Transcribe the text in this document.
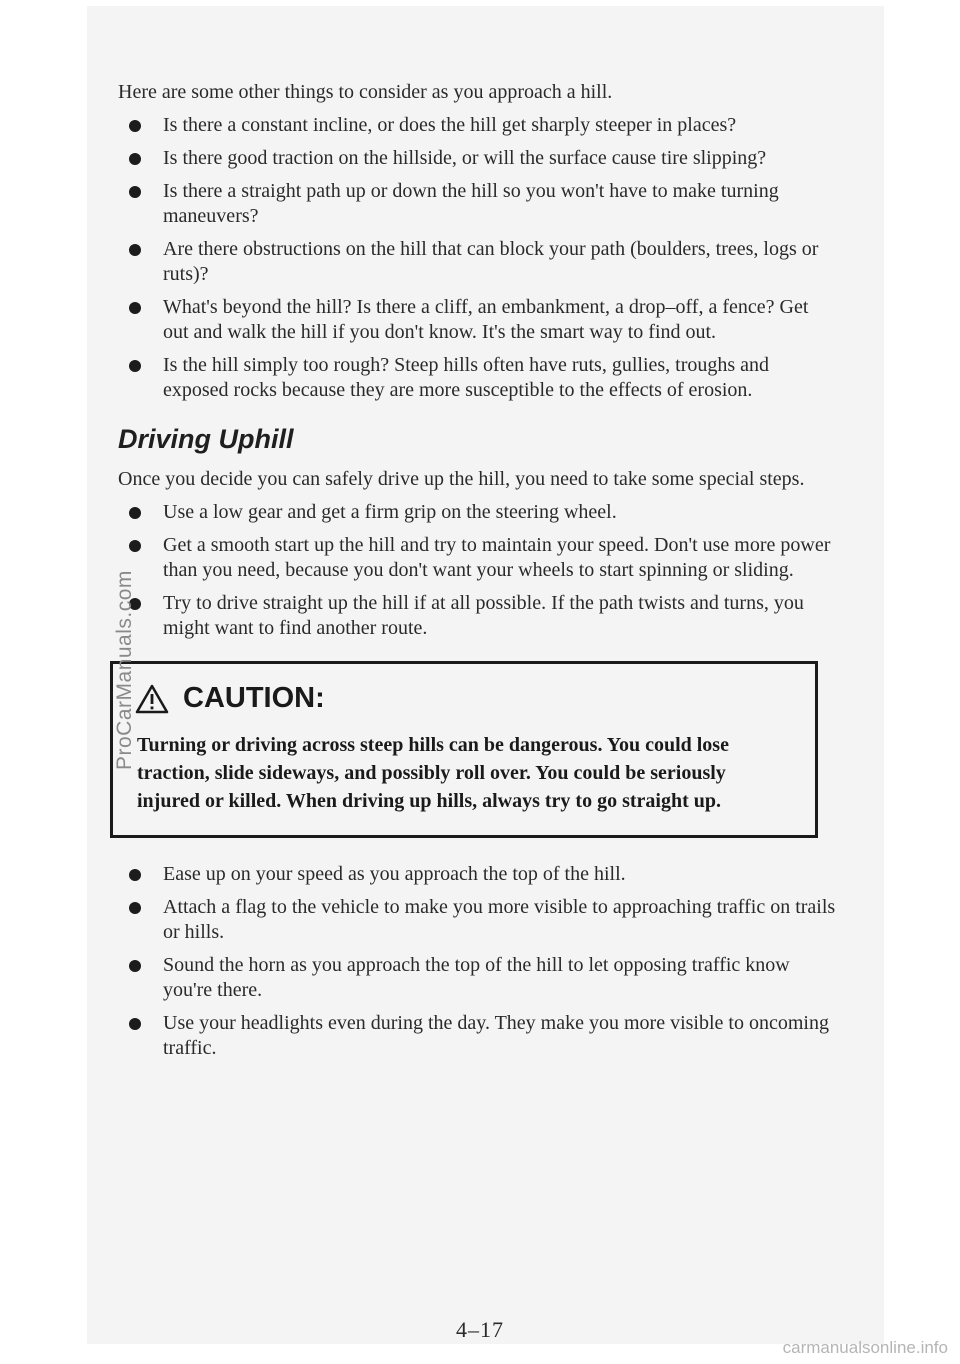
Here are some other things to consider as you approach a hill.

Is there a constant incline, or does the hill get sharply steeper in places?
Is there good traction on the hillside, or will the surface cause tire slipping?
Is there a straight path up or down the hill so you won't have to make turning maneuvers?
Are there obstructions on the hill that can block your path (boulders, trees, logs or ruts)?
What's beyond the hill? Is there a cliff, an embankment, a drop–off, a fence? Get out and walk the hill if you don't know. It's the smart way to find out.
Is the hill simply too rough? Steep hills often have ruts, gullies, troughs and exposed rocks because they are more susceptible to the effects of erosion.
Driving Uphill

Once you decide you can safely drive up the hill, you need to take some special steps.

Use a low gear and get a firm grip on the steering wheel.
Get a smooth start up the hill and try to maintain your speed. Don't use more power than you need, because you don't want your wheels to start spinning or sliding.
Try to drive straight up the hill if at all possible. If the path twists and turns, you might want to find another route.
CAUTION:

Turning or driving across steep hills can be dangerous. You could lose traction, slide sideways, and possibly roll over. You could be seriously injured or killed. When driving up hills, always try to go straight up.

Ease up on your speed as you approach the top of the hill.
Attach a flag to the vehicle to make you more visible to approaching traffic on trails or hills.
Sound the horn as you approach the top of the hill to let opposing traffic know you're there.
Use your headlights even during the day. They make you more visible to oncoming traffic.
4–17
ProCarManuals.com
carmanualsonline.info
